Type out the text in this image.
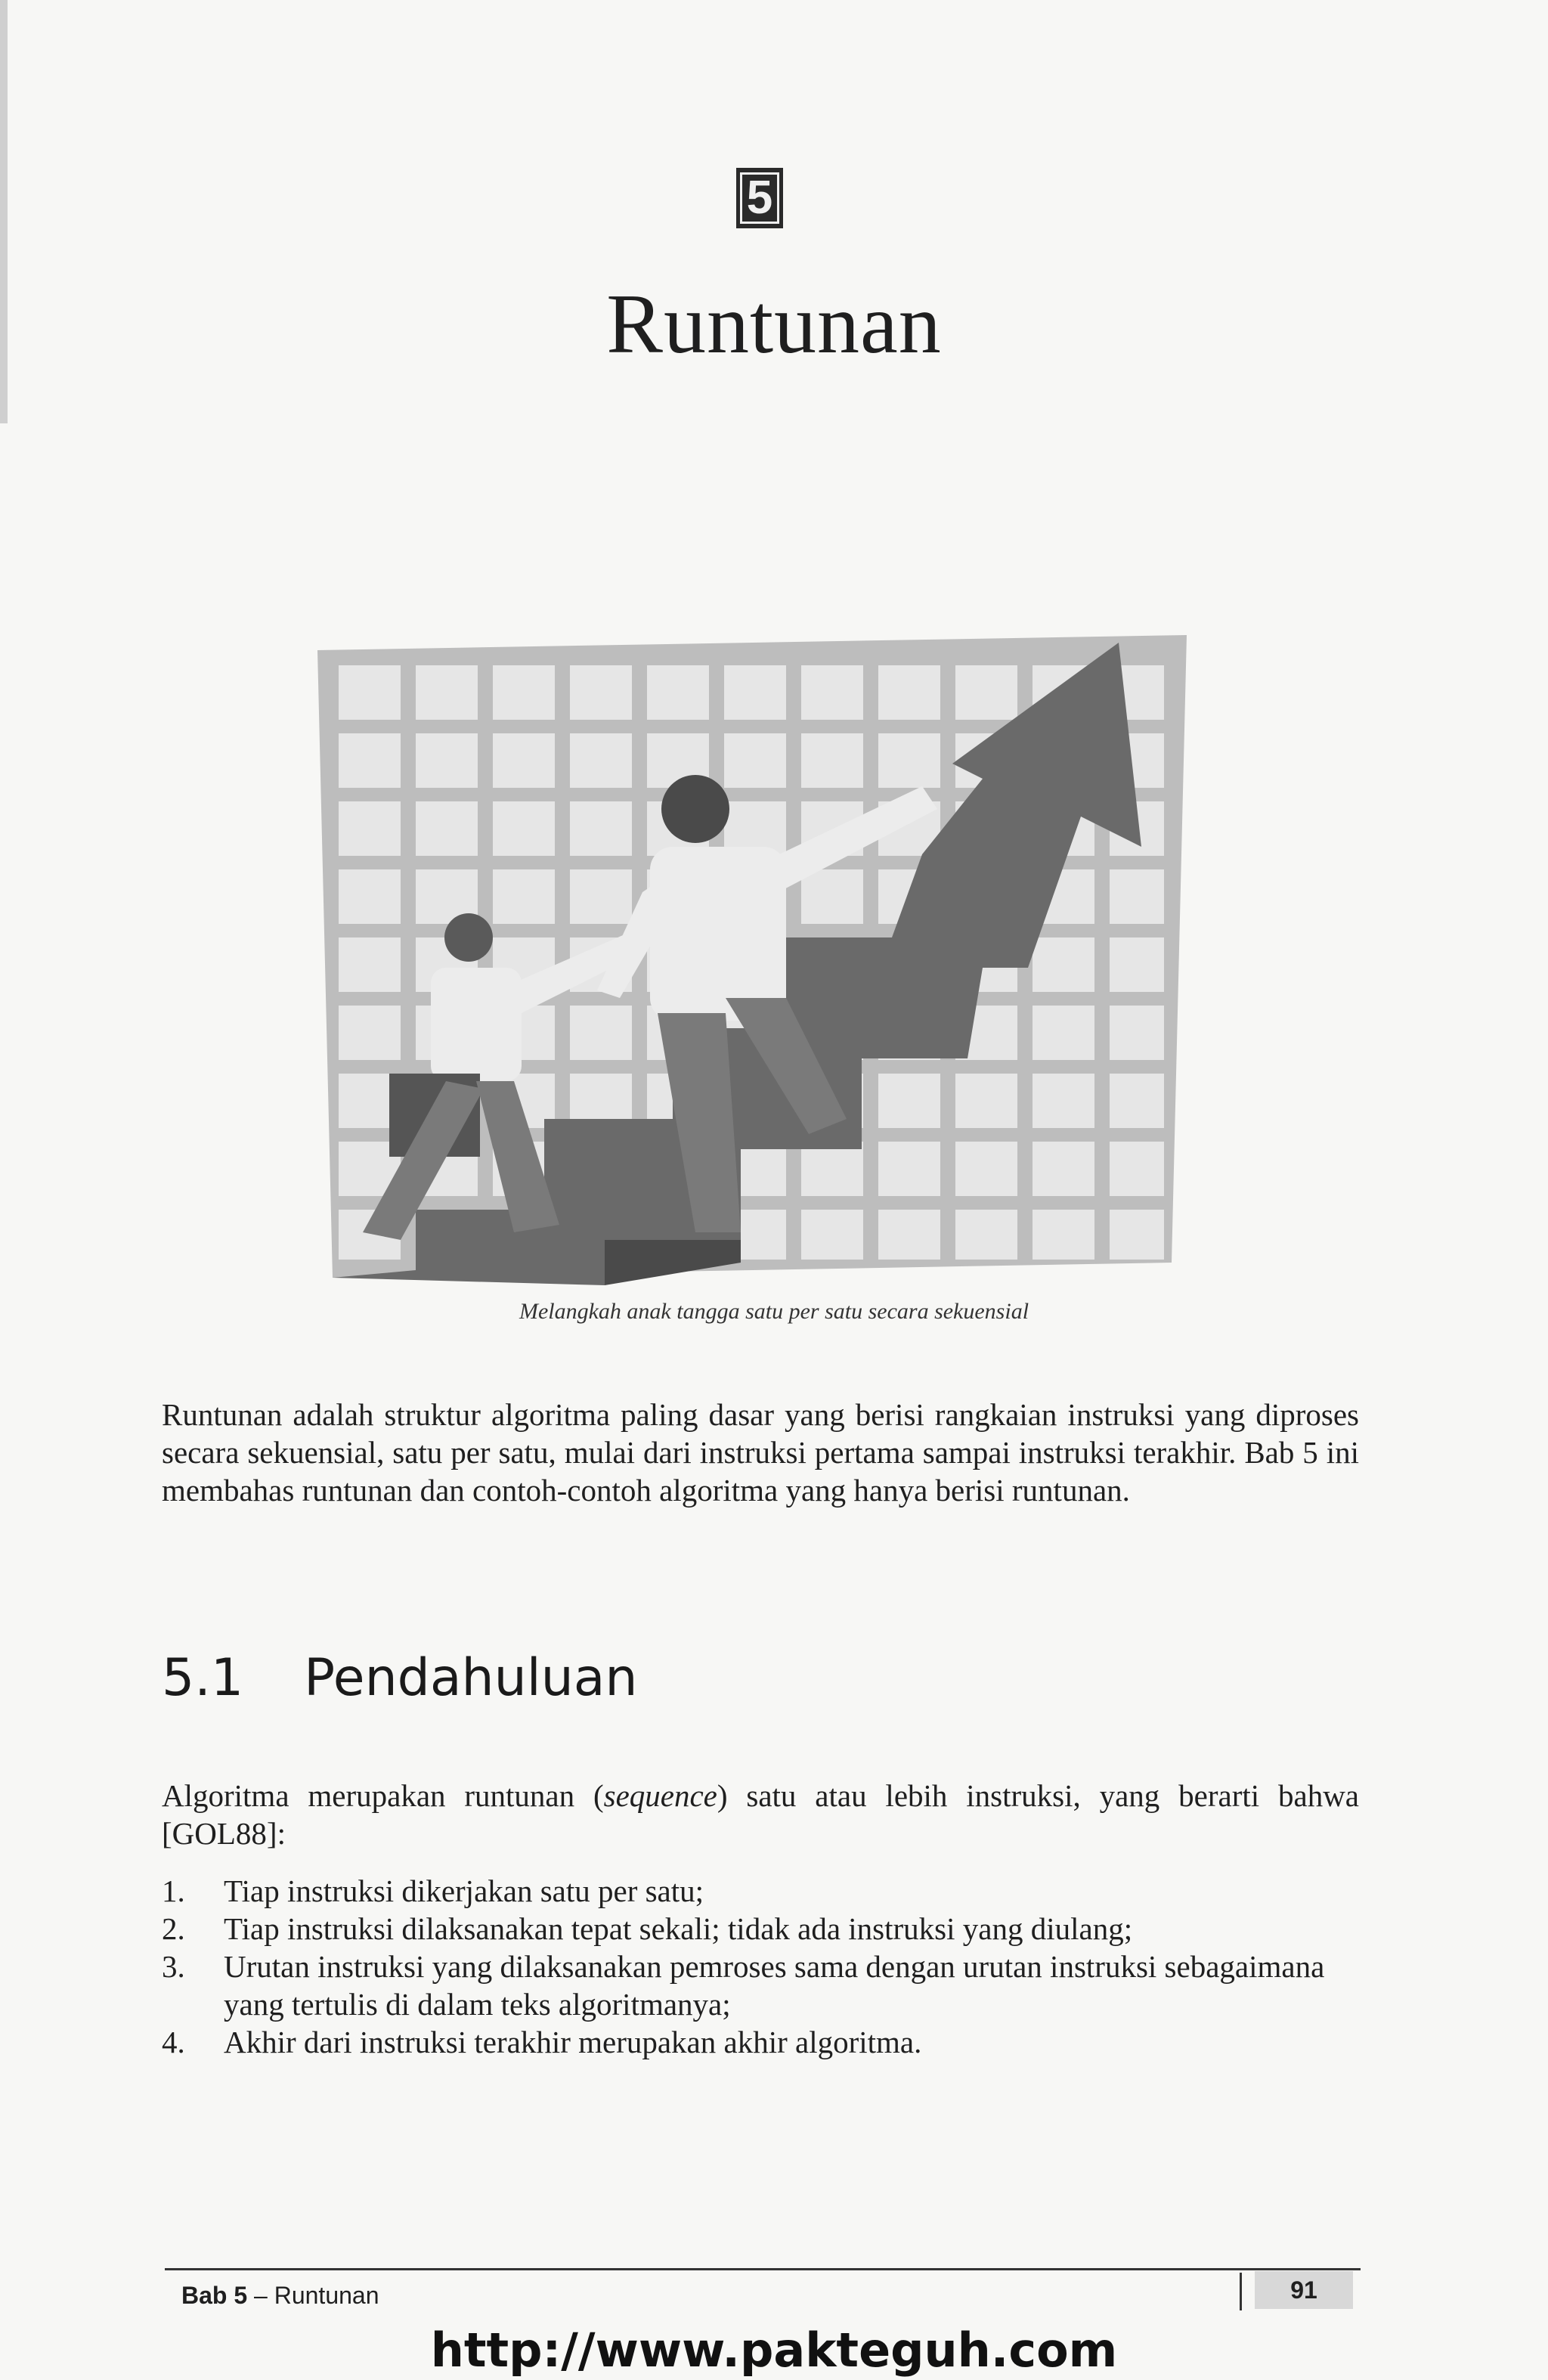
5
Runtunan

Melangkah anak tangga satu per satu secara sekuensial

Runtunan adalah struktur algoritma paling dasar yang berisi rangkaian instruksi yang diproses secara sekuensial, satu per satu, mulai dari instruksi pertama sampai instruksi terakhir. Bab 5 ini membahas runtunan dan contoh-contoh algoritma yang hanya berisi runtunan.

5.1 Pendahuluan

Algoritma merupakan runtunan (sequence) satu atau lebih instruksi, yang berarti bahwa [GOL88]:

1.	Tiap instruksi dikerjakan satu per satu;
2.	Tiap instruksi dilaksanakan tepat sekali; tidak ada instruksi yang diulang;
3.	Urutan instruksi yang dilaksanakan pemroses sama dengan urutan instruksi sebagaimana yang tertulis di dalam teks algoritmanya;
4.	Akhir dari instruksi terakhir merupakan akhir algoritma.

Bab 5 – Runtunan	91

http://www.pakteguh.com
